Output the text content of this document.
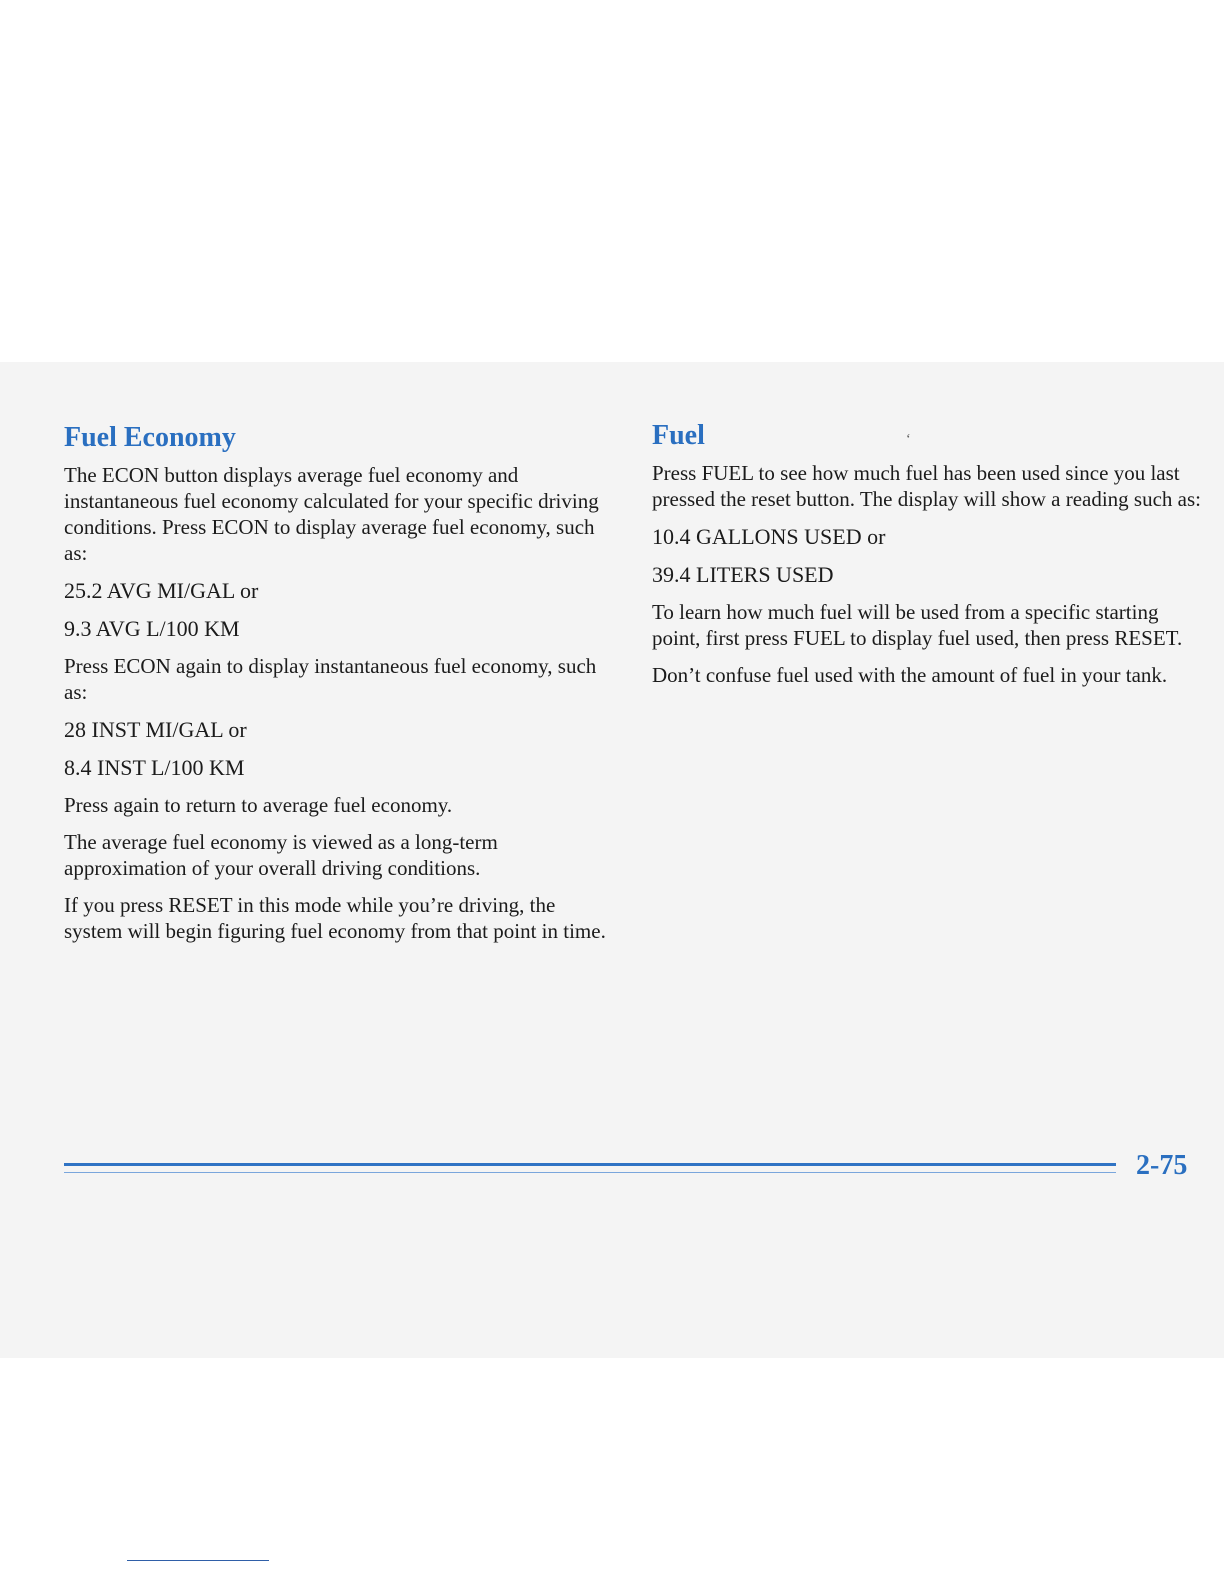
Fuel Economy

The ECON button displays average fuel economy and instantaneous fuel economy calculated for your specific driving conditions. Press ECON to display average fuel economy, such as:

25.2 AVG MI/GAL or

9.3 AVG L/100 KM

Press ECON again to display instantaneous fuel economy, such as:

28 INST MI/GAL or

8.4 INST L/100 KM

Press again to return to average fuel economy.

The average fuel economy is viewed as a long-term approximation of your overall driving conditions.

If you press RESET in this mode while you’re driving, the system will begin figuring fuel economy from that point in time.

Fuel

Press FUEL to see how much fuel has been used since you last pressed the reset button. The display will show a reading such as:

10.4 GALLONS USED or

39.4 LITERS USED

To learn how much fuel will be used from a specific starting point, first press FUEL to display fuel used, then press RESET.

Don’t confuse fuel used with the amount of fuel in your tank.

‘
2-75
